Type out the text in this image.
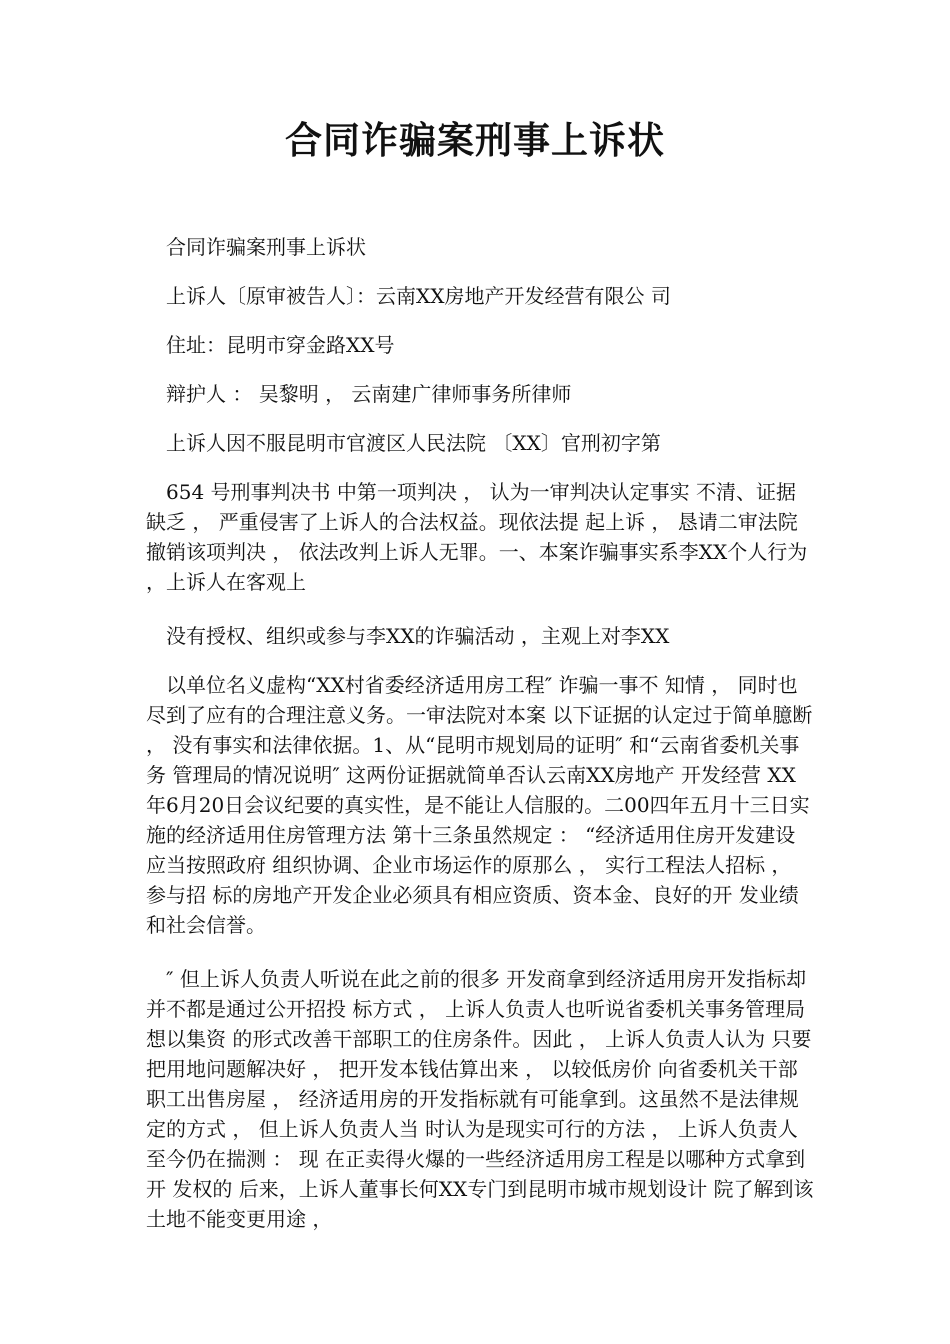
合同诈骗案刑事上诉状

合同诈骗案刑事上诉状

上诉人〔原审被告人〕：云南XX房地产开发经营有限公 司

住址：昆明市穿金路XX号

辩护人 ： 吴黎明 ， 云南建广律师事务所律师

上诉人因不服昆明市官渡区人民法院 〔XX〕官刑初字第

654 号刑事判决书 中第一项判决 ， 认为一审判决认定事实 不清、证据缺乏 ， 严重侵害了上诉人的合法权益。现依法提 起上诉 ， 恳请二审法院撤销该项判决 ， 依法改判上诉人无罪。一、本案诈骗事实系李XX个人行为 ，上诉人在客观上

没有授权、组织或参与李XX的诈骗活动 ，主观上对李XX

以单位名义虚构“XX村省委经济适用房工程″ 诈骗一事不 知情 ， 同时也尽到了应有的合理注意义务。一审法院对本案 以下证据的认定过于简单臆断 ， 没有事实和法律依据。1、从“昆明市规划局的证明″ 和“云南省委机关事务 管理局的情况说明″ 这两份证据就简单否认云南XX房地产 开发经营 XX年6月20日会议纪要的真实性，是不能让人信服的。二00四年五月十三日实施的经济适用住房管理方法 第十三条虽然规定 ： “经济适用住房开发建设应当按照政府 组织协调、企业市场运作的原那么 ， 实行工程法人招标 ， 参与招 标的房地产开发企业必须具有相应资质、资本金、良好的开 发业绩和社会信誉。

″ 但上诉人负责人听说在此之前的很多 开发商拿到经济适用房开发指标却并不都是通过公开招投 标方式 ， 上诉人负责人也听说省委机关事务管理局想以集资 的形式改善干部职工的住房条件。因此 ， 上诉人负责人认为 只要把用地问题解决好 ， 把开发本钱估算出来 ， 以较低房价 向省委机关干部职工出售房屋 ， 经济适用房的开发指标就有可能拿到。这虽然不是法律规定的方式 ， 但上诉人负责人当 时认为是现实可行的方法 ， 上诉人负责人至今仍在揣测 ： 现 在正卖得火爆的一些经济适用房工程是以哪种方式拿到开 发权的 后来，上诉人董事长何XX专门到昆明市城市规划设计 院了解到该土地不能变更用途 ，
